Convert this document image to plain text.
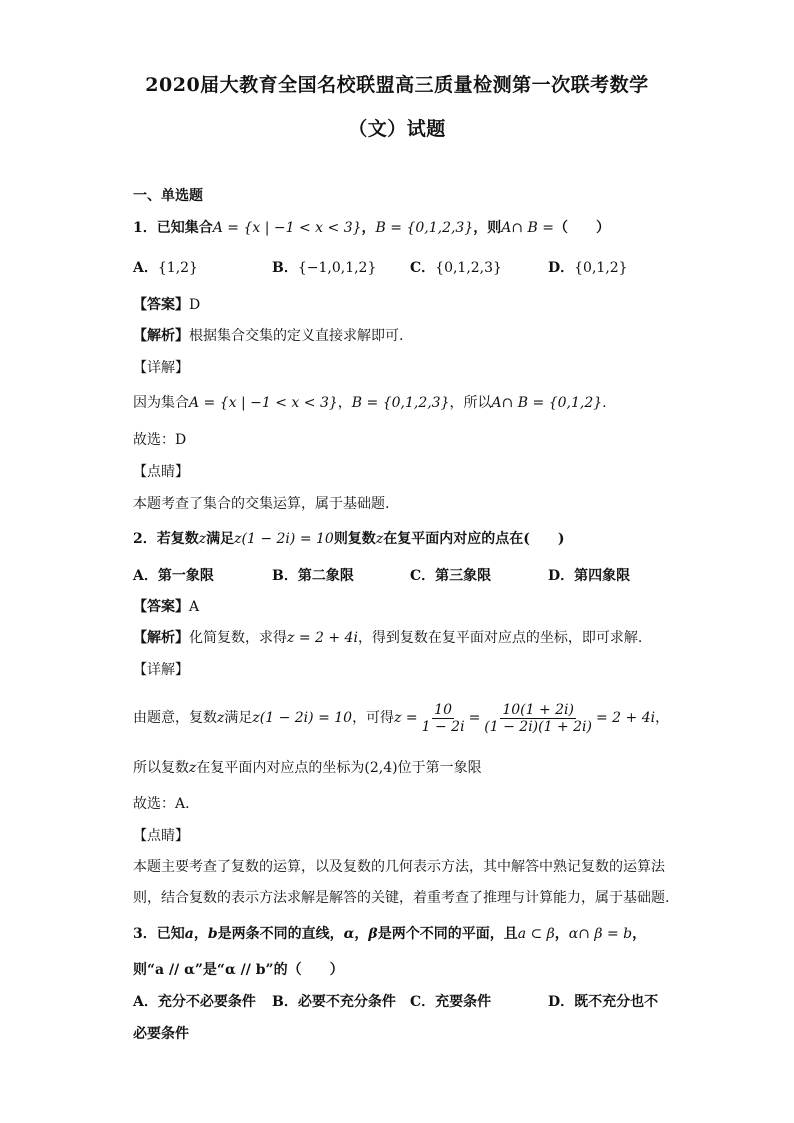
2020届大教育全国名校联盟高三质量检测第一次联考数学
（文）试题
一、单选题
1．已知集合A = {x | −1 < x < 3}，B = {0,1,2,3}，则A∩ B =（　　）
A．{1,2}	B．{−1,0,1,2} C．{0,1,2,3}	D．{0,1,2}
【答案】D
【解析】根据集合交集的定义直接求解即可.
【详解】
因为集合A = {x | −1 < x < 3}，B = {0,1,2,3}，所以A∩ B = {0,1,2}.
故选：D
【点睛】
本题考查了集合的交集运算，属于基础题.
2．若复数z满足z(1 − 2i) = 10则复数z在复平面内对应的点在(　　)
A．第一象限	B．第二象限	C．第三象限	D．第四象限
【答案】A
【解析】化简复数，求得z = 2 + 4i，得到复数在复平面对应点的坐标，即可求解.
【详解】
由题意，复数z满足z(1 − 2i) = 10，可得$z = \frac{10}{1 - 2i} = \frac{10(1 + 2i)}{(1 - 2i)(1 + 2i)} = 2 + 4i$，
所以复数z在复平面内对应点的坐标为(2,4)位于第一象限
故选：A.
【点睛】
本题主要考查了复数的运算，以及复数的几何表示方法，其中解答中熟记复数的运算法
则，结合复数的表示方法求解是解答的关键，着重考查了推理与计算能力，属于基础题.
3．已知a，b是两条不同的直线，α，β是两个不同的平面，且a ⊂ β，α∩ β = b，
则“a // α”是“α // b”的（　　）
A．充分不必要条件 B．必要不充分条件 C．充要条件	D．既不充分也不
必要条件
